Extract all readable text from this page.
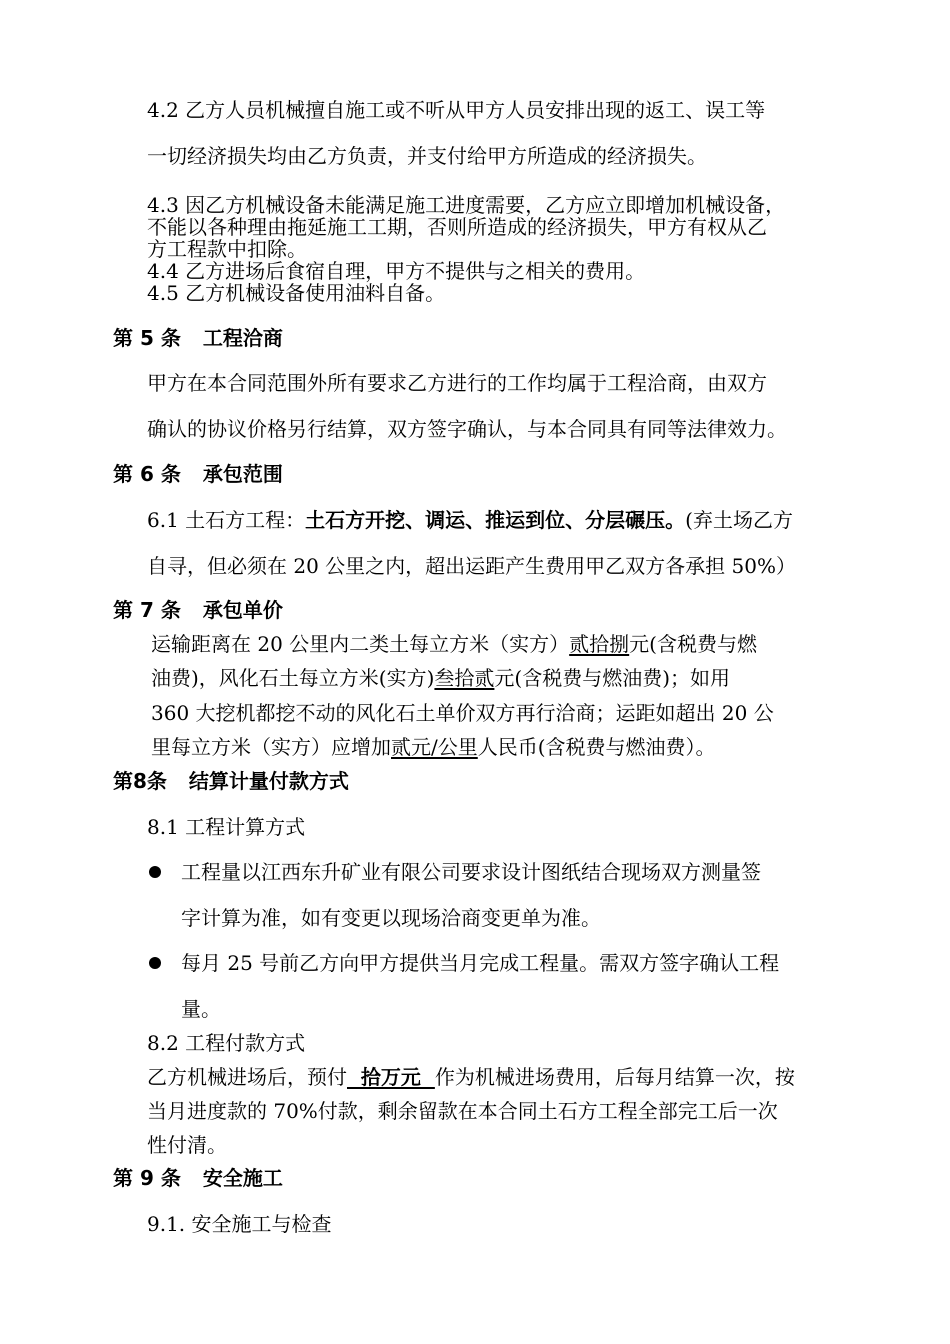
4.2 乙方人员机械擅自施工或不听从甲方人员安排出现的返工、误工等
一切经济损失均由乙方负责，并支付给甲方所造成的经济损失。
4.3 因乙方机械设备未能满足施工进度需要，乙方应立即增加机械设备，
不能以各种理由拖延施工工期，否则所造成的经济损失，甲方有权从乙
方工程款中扣除。
4.4 乙方进场后食宿自理，甲方不提供与之相关的费用。
4.5 乙方机械设备使用油料自备。
第 5 条 工程洽商
甲方在本合同范围外所有要求乙方进行的工作均属于工程洽商，由双方
确认的协议价格另行结算，双方签字确认，与本合同具有同等法律效力。
第 6 条 承包范围
6.1 土石方工程：土石方开挖、调运、推运到位、分层碾压。(弃土场乙方
自寻，但必须在 20 公里之内，超出运距产生费用甲乙双方各承担 50%）
第 7 条 承包单价
运输距离在 20 公里内二类土每立方米（实方）贰拾捌元(含税费与燃
油费)，风化石土每立方米(实方)叁拾贰元(含税费与燃油费)；如用
360 大挖机都挖不动的风化石土单价双方再行洽商；运距如超出 20 公
里每立方米（实方）应增加贰元/公里人民币(含税费与燃油费）。
第8条 结算计量付款方式
8.1 工程计算方式
工程量以江西东升矿业有限公司要求设计图纸结合现场双方测量签
字计算为准，如有变更以现场洽商变更单为准。
每月 25 号前乙方向甲方提供当月完成工程量。需双方签字确认工程
量。
8.2 工程付款方式
乙方机械进场后，预付  拾万元  作为机械进场费用，后每月结算一次，按
当月进度款的 70%付款，剩余留款在本合同土石方工程全部完工后一次
性付清。
第 9 条 安全施工
9.1. 安全施工与检查
